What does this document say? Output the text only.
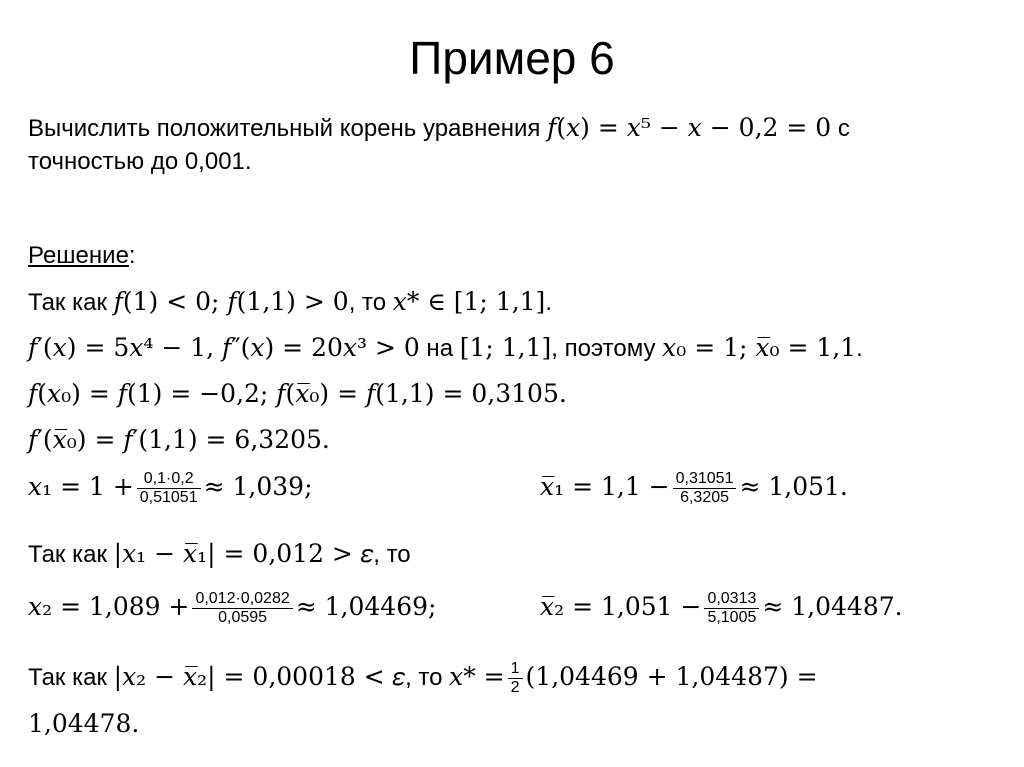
Пример 6
Вычислить положительный корень уравнения 𝑓(𝑥) = 𝑥⁵ − 𝑥 − 0,2 = 0 с
точностью до 0,001.
Решение:
Так как 𝑓(1) < 0; 𝑓(1,1) > 0, то 𝑥* ∈ [1; 1,1].
𝑓′(𝑥) = 5𝑥⁴ − 1, 𝑓″(𝑥) = 20𝑥³ > 0 на [1; 1,1], поэтому 𝑥₀ = 1; 𝑥̅₀ = 1,1.
𝑓(𝑥₀) = 𝑓(1) = −0,2; 𝑓(𝑥̅₀) = 𝑓(1,1) = 0,3105.
𝑓′(𝑥̅₀) = 𝑓′(1,1) = 6,3205.
𝑥₁ = $1 + \frac{0,1\cdot 0,2}{0,51051} \approx 1,039$;	𝑥̅₁ = $1,1 - \frac{0,31051}{6,3205} \approx 1,051$.
Так как |𝑥₁ − 𝑥̅₁| = 0,012 > 𝜀, то
𝑥₂ = $1,089 + \frac{0,012\cdot 0,0282}{0,0595} \approx 1,04469$;	𝑥̅₂ = $1,051 - \frac{0,0313}{5,1005} \approx 1,04487$.
Так как |𝑥₂ − 𝑥̅₂| = 0,00018 < 𝜀, то 𝑥* = $\frac{1}{2} (1,04469 + 1,04487)$ =
1,04478.
